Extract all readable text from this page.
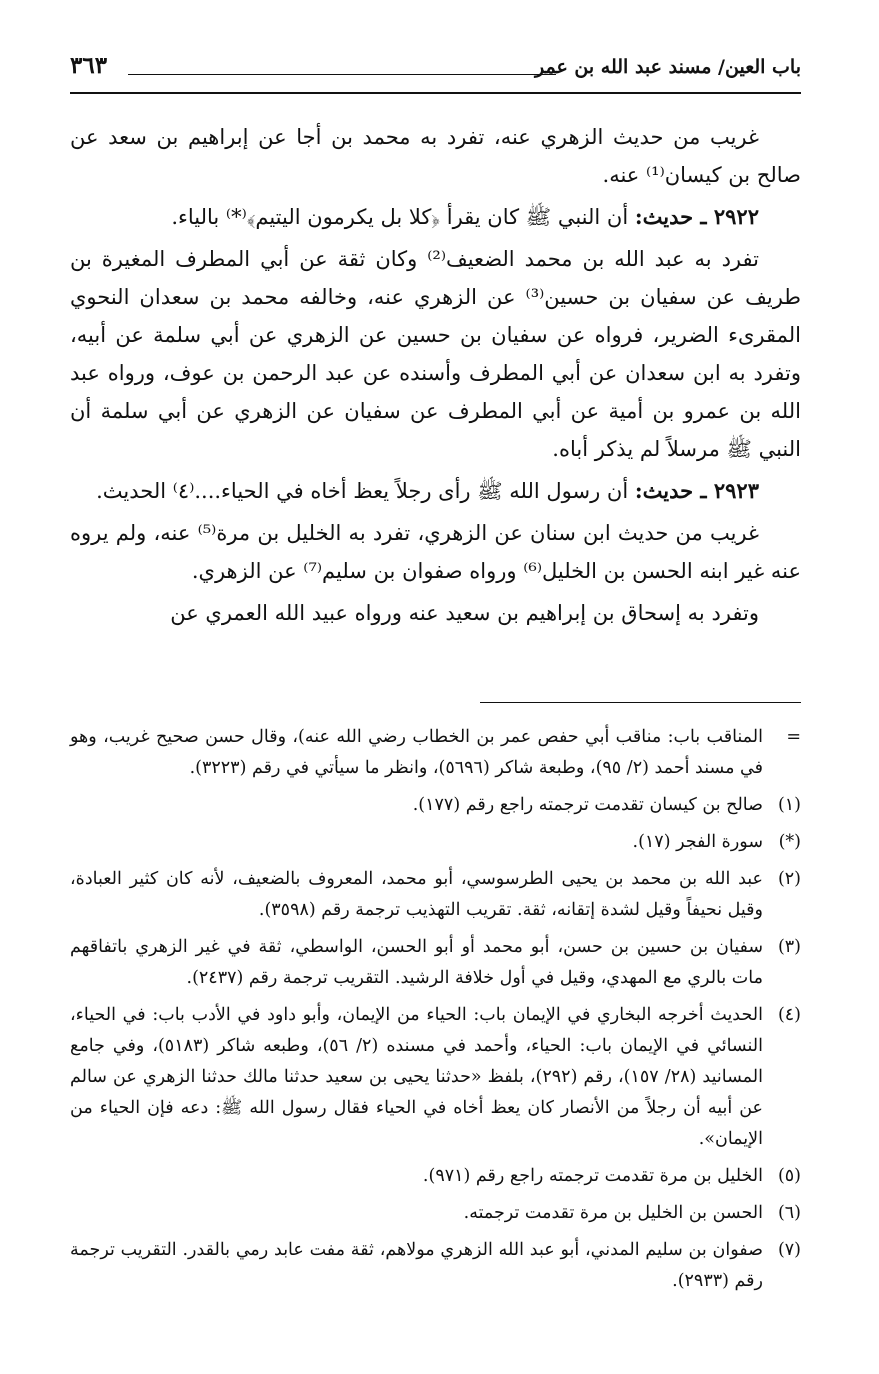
باب العين/ مسند عبد الله بن عمر
٣٦٣

غريب من حديث الزهري عنه، تفرد به محمد بن أجا عن إبراهيم بن سعد عن صالح بن كيسان⁽¹⁾ عنه.

٢٩٢٢ ـ حديث: أن النبي ﷺ كان يقرأ ﴿كلا بل يكرمون اليتيم﴾⁽*⁾ بالياء.

تفرد به عبد الله بن محمد الضعيف⁽²⁾ وكان ثقة عن أبي المطرف المغيرة بن طريف عن سفيان بن حسين⁽³⁾ عن الزهري عنه، وخالفه محمد بن سعدان النحوي المقرىء الضرير، فرواه عن سفيان بن حسين عن الزهري عن أبي سلمة عن أبيه، وتفرد به ابن سعدان عن أبي المطرف وأسنده عن عبد الرحمن بن عوف، ورواه عبد الله بن عمرو بن أمية عن أبي المطرف عن سفيان عن الزهري عن أبي سلمة أن النبي ﷺ مرسلاً لم يذكر أباه.

٢٩٢٣ ـ حديث: أن رسول الله ﷺ رأى رجلاً يعظ أخاه في الحياء....⁽٤⁾ الحديث.

غريب من حديث ابن سنان عن الزهري، تفرد به الخليل بن مرة⁽⁵⁾ عنه، ولم يروه عنه غير ابنه الحسن بن الخليل⁽⁶⁾ ورواه صفوان بن سليم⁽⁷⁾ عن الزهري.

وتفرد به إسحاق بن إبراهيم بن سعيد عنه ورواه عبيد الله العمري عن

=
المناقب باب: مناقب أبي حفص عمر بن الخطاب رضي الله عنه)، وقال حسن صحيح غريب، وهو في مسند أحمد (٢/ ٩٥)، وطبعة شاكر (٥٦٩٦)، وانظر ما سيأتي في رقم (٣٢٢٣).
(١)
صالح بن كيسان تقدمت ترجمته راجع رقم (١٧٧).
(*)
سورة الفجر (١٧).
(٢)
عبد الله بن محمد بن يحيى الطرسوسي، أبو محمد، المعروف بالضعيف، لأنه كان كثير العبادة، وقيل نحيفاً وقيل لشدة إتقانه، ثقة. تقريب التهذيب ترجمة رقم (٣٥٩٨).
(٣)
سفيان بن حسين بن حسن، أبو محمد أو أبو الحسن، الواسطي، ثقة في غير الزهري باتفاقهم مات بالري مع المهدي، وقيل في أول خلافة الرشيد. التقريب ترجمة رقم (٢٤٣٧).
(٤)
الحديث أخرجه البخاري في الإيمان باب: الحياء من الإيمان، وأبو داود في الأدب باب: في الحياء، النسائي في الإيمان باب: الحياء، وأحمد في مسنده (٢/ ٥٦)، وطبعه شاكر (٥١٨٣)، وفي جامع المسانيد (٢٨/ ١٥٧)، رقم (٢٩٢)، بلفظ «حدثنا يحيى بن سعيد حدثنا مالك حدثنا الزهري عن سالم عن أبيه أن رجلاً من الأنصار كان يعظ أخاه في الحياء فقال رسول الله ﷺ: دعه فإن الحياء من الإيمان».
(٥)
الخليل بن مرة تقدمت ترجمته راجع رقم (٩٧١).
(٦)
الحسن بن الخليل بن مرة تقدمت ترجمته.
(٧)
صفوان بن سليم المدني، أبو عبد الله الزهري مولاهم، ثقة مفت عابد رمي بالقدر. التقريب ترجمة رقم (٢٩٣٣).
